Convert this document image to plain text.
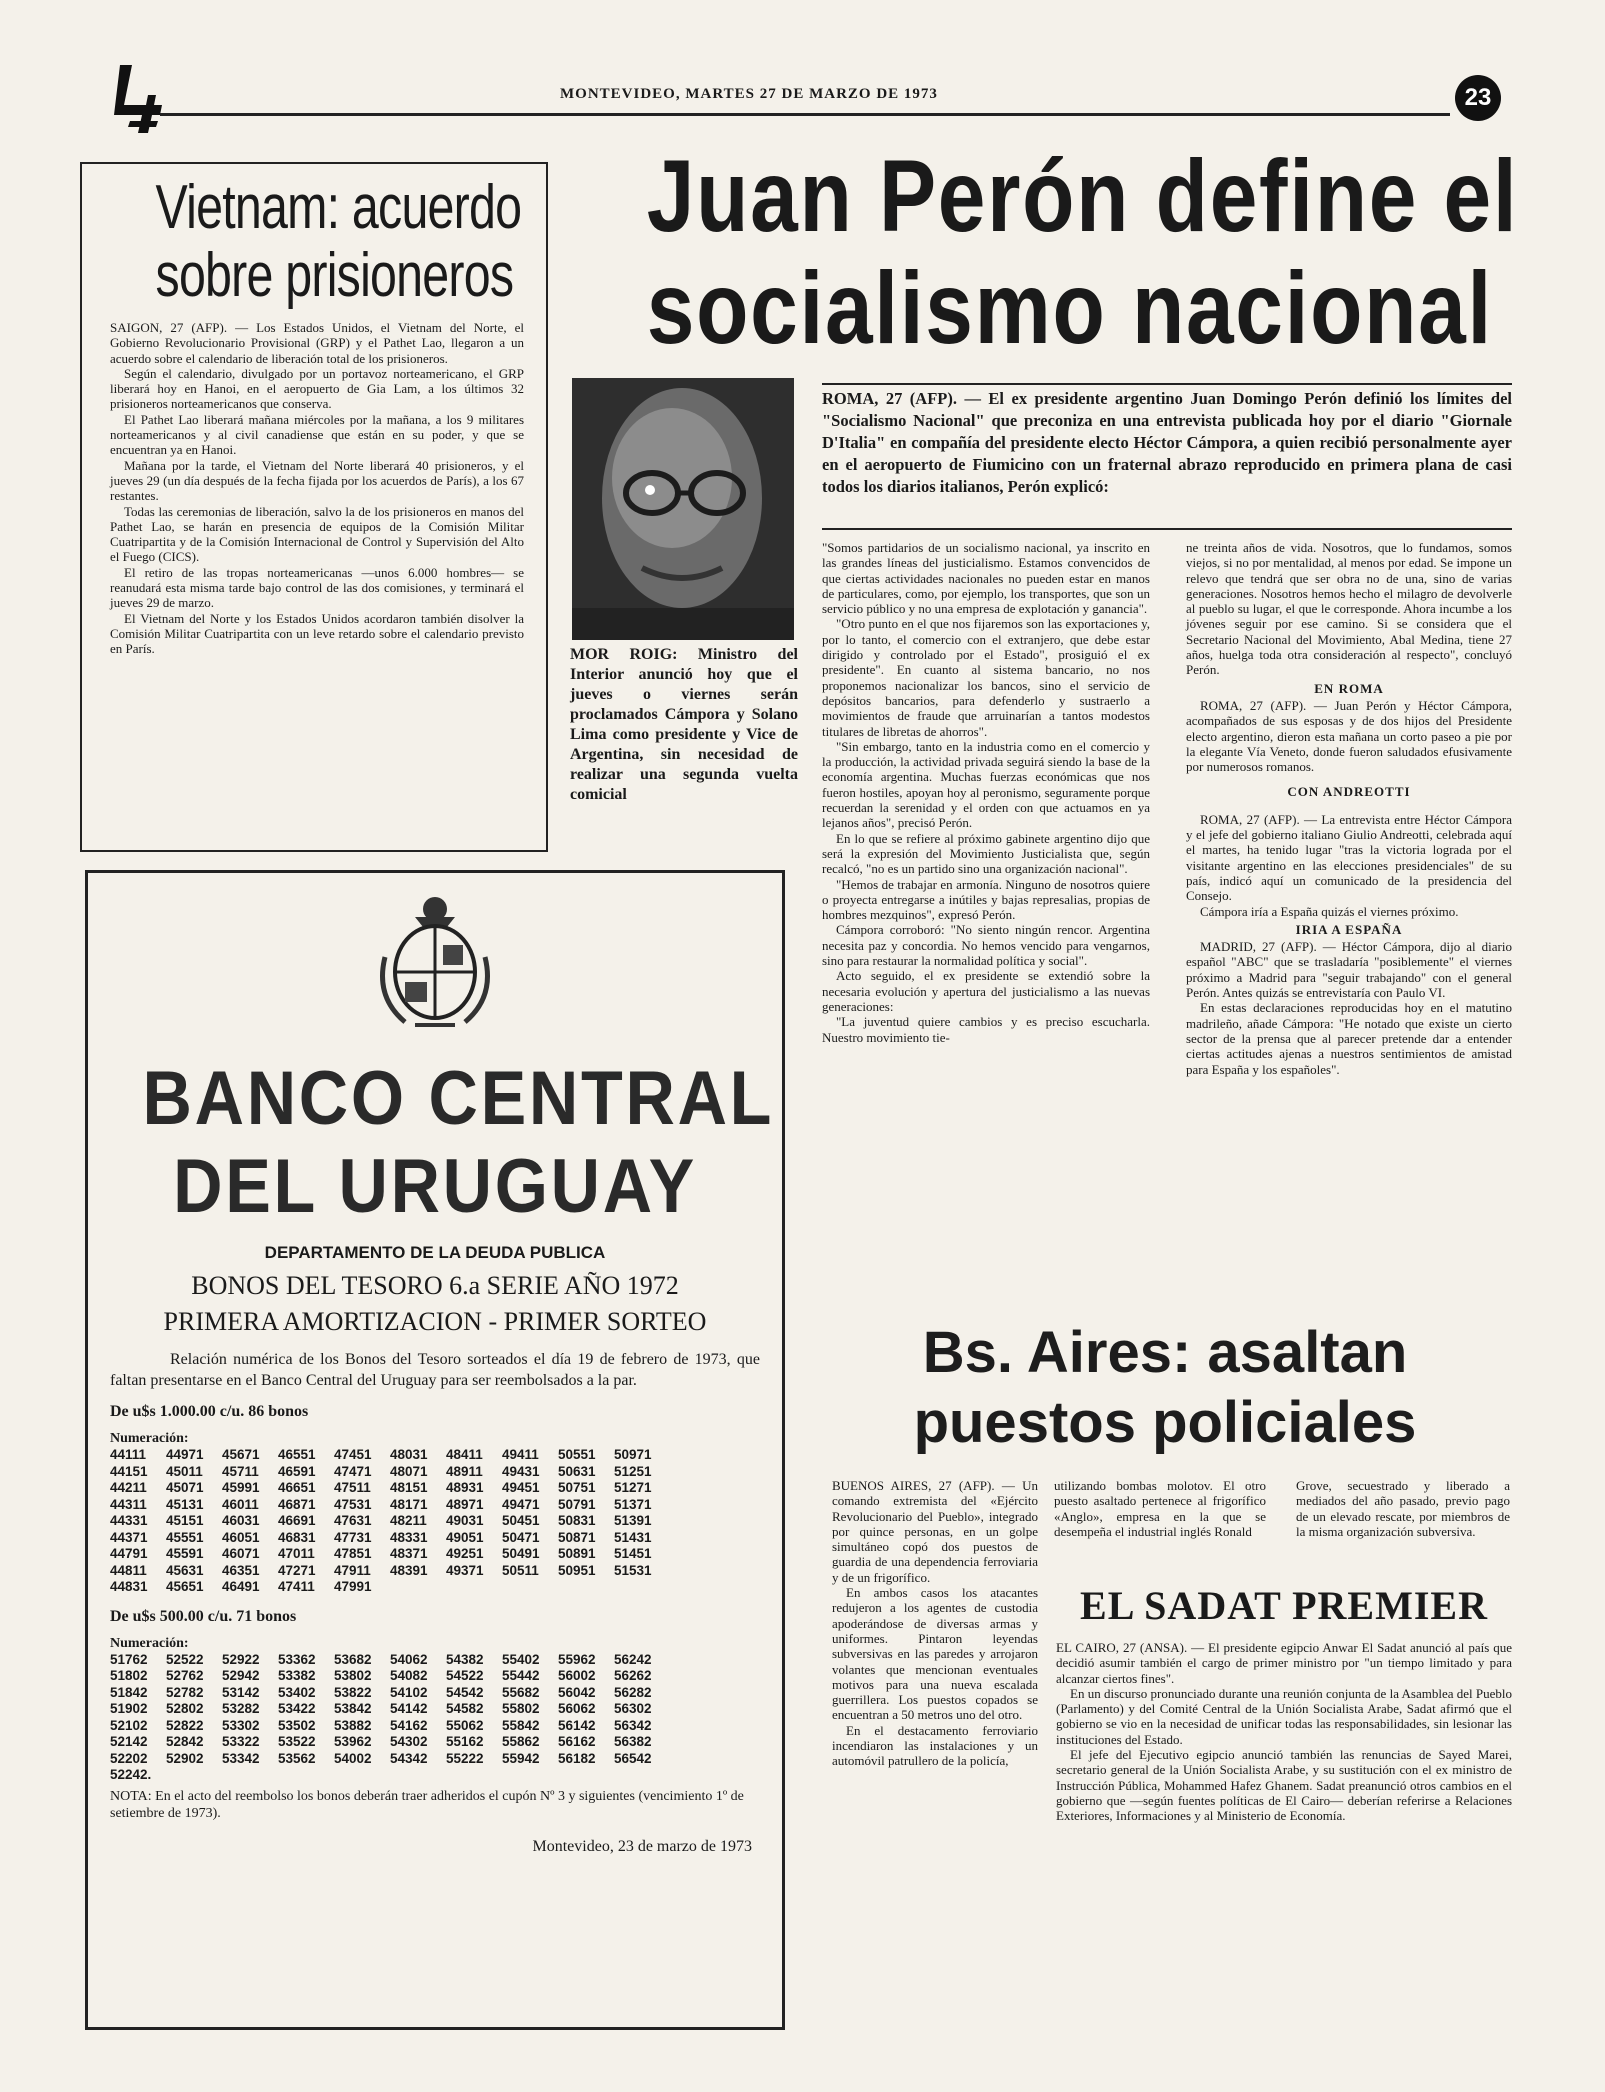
MONTEVIDEO, MARTES 27 DE MARZO DE 1973	23
Vietnam: acuerdo
sobre prisioneros

SAIGON, 27 (AFP). — Los Estados Unidos, el Vietnam del Norte, el Gobierno Revolucionario Provisional (GRP) y el Pathet Lao, llegaron a un acuerdo sobre el calendario de liberación total de los prisioneros.

Según el calendario, divulgado por un portavoz norteamericano, el GRP liberará hoy en Hanoi, en el aeropuerto de Gia Lam, a los últimos 32 prisioneros norteamericanos que conserva.

El Pathet Lao liberará mañana miércoles por la mañana, a los 9 militares norteamericanos y al civil canadiense que están en su poder, y que se encuentran ya en Hanoi.

Mañana por la tarde, el Vietnam del Norte liberará 40 prisioneros, y el jueves 29 (un día después de la fecha fijada por los acuerdos de París), a los 67 restantes.

Todas las ceremonias de liberación, salvo la de los prisioneros en manos del Pathet Lao, se harán en presencia de equipos de la Comisión Militar Cuatripartita y de la Comisión Internacional de Control y Supervisión del Alto el Fuego (CICS).

El retiro de las tropas norteamericanas —unos 6.000 hombres— se reanudará esta misma tarde bajo control de las dos comisiones, y terminará el jueves 29 de marzo.

El Vietnam del Norte y los Estados Unidos acordaron también disolver la Comisión Militar Cuatripartita con un leve retardo sobre el calendario previsto en París.

Juan Perón define el
socialismo nacional
MOR ROIG: Ministro del Interior anunció hoy que el jueves o viernes serán proclamados Cámpora y Solano Lima como presidente y Vice de Argentina, sin necesidad de realizar una segunda vuelta comicial
ROMA, 27 (AFP). — El ex presidente argentino Juan Domingo Perón definió los límites del "Socialismo Nacional" que preconiza en una entrevista publicada hoy por el diario "Giornale D'Italia" en compañía del presidente electo Héctor Cámpora, a quien recibió personalmente ayer en el aeropuerto de Fiumicino con un fraternal abrazo reproducido en primera plana de casi todos los diarios italianos, Perón explicó:

"Somos partidarios de un socialismo nacional, ya inscrito en las grandes líneas del justicialismo. Estamos convencidos de que ciertas actividades nacionales no pueden estar en manos de particulares, como, por ejemplo, los transportes, que son un servicio público y no una empresa de explotación y ganancia".

"Otro punto en el que nos fijaremos son las exportaciones y, por lo tanto, el comercio con el extranjero, que debe estar dirigido y controlado por el Estado", prosiguió el ex presidente". En cuanto al sistema bancario, no nos proponemos nacionalizar los bancos, sino el servicio de depósitos bancarios, para defenderlo y sustraerlo a movimientos de fraude que arruinarían a tantos modestos titulares de libretas de ahorros".

"Sin embargo, tanto en la industria como en el comercio y la producción, la actividad privada seguirá siendo la base de la economía argentina. Muchas fuerzas económicas que nos fueron hostiles, apoyan hoy al peronismo, seguramente porque recuerdan la serenidad y el orden con que actuamos en ya lejanos años", precisó Perón.

En lo que se refiere al próximo gabinete argentino dijo que será la expresión del Movimiento Justicialista que, según recalcó, "no es un partido sino una organización nacional".

"Hemos de trabajar en armonía. Ninguno de nosotros quiere o proyecta entregarse a inútiles y bajas represalias, propias de hombres mezquinos", expresó Perón.

Cámpora corroboró: "No siento ningún rencor. Argentina necesita paz y concordia. No hemos vencido para vengarnos, sino para restaurar la normalidad política y social".

Acto seguido, el ex presidente se extendió sobre la necesaria evolución y apertura del justicialismo a las nuevas generaciones:

"La juventud quiere cambios y es preciso escucharla. Nuestro movimiento tie-

ne treinta años de vida. Nosotros, que lo fundamos, somos viejos, si no por mentalidad, al menos por edad. Se impone un relevo que tendrá que ser obra no de una, sino de varias generaciones. Nosotros hemos hecho el milagro de devolverle al pueblo su lugar, el que le corresponde. Ahora incumbe a los jóvenes seguir por ese camino. Si se considera que el Secretario Nacional del Movimiento, Abal Medina, tiene 27 años, huelga toda otra consideración al respecto", concluyó Perón.

EN ROMA

ROMA, 27 (AFP). — Juan Perón y Héctor Cámpora, acompañados de sus esposas y de dos hijos del Presidente electo argentino, dieron esta mañana un corto paseo a pie por la elegante Vía Veneto, donde fueron saludados efusivamente por numerosos romanos.

CON ANDREOTTI

ROMA, 27 (AFP). — La entrevista entre Héctor Cámpora y el jefe del gobierno italiano Giulio Andreotti, celebrada aquí el martes, ha tenido lugar "tras la victoria lograda por el visitante argentino en las elecciones presidenciales" de su país, indicó aquí un comunicado de la presidencia del Consejo.

Cámpora iría a España quizás el viernes próximo.

IRIA A ESPAÑA

MADRID, 27 (AFP). — Héctor Cámpora, dijo al diario español "ABC" que se trasladaría "posiblemente" el viernes próximo a Madrid para "seguir trabajando" con el general Perón. Antes quizás se entrevistaría con Paulo VI.

En estas declaraciones reproducidas hoy en el matutino madrileño, añade Cámpora: "He notado que existe un cierto sector de la prensa que al parecer pretende dar a entender ciertas actitudes ajenas a nuestros sentimientos de amistad para España y los españoles".

BANCO CENTRAL
DEL URUGUAY
DEPARTAMENTO DE LA DEUDA PUBLICA
BONOS DEL TESORO 6.a SERIE AÑO 1972
PRIMERA AMORTIZACION - PRIMER SORTEO
Relación numérica de los Bonos del Tesoro sorteados el día 19 de febrero de 1973, que faltan presentarse en el Banco Central del Uruguay para ser reembolsados a la par.
De u$s 1.000.00 c/u. 86 bonos
Numeración:
44111	44971	45671	46551	47451	48031	48411	49411	50551	50971
44151	45011	45711	46591	47471	48071	48911	49431	50631	51251
44211	45071	45991	46651	47511	48151	48931	49451	50751	51271
44311	45131	46011	46871	47531	48171	48971	49471	50791	51371
44331	45151	46031	46691	47631	48211	49031	50451	50831	51391
44371	45551	46051	46831	47731	48331	49051	50471	50871	51431
44791	45591	46071	47011	47851	48371	49251	50491	50891	51451
44811	45631	46351	47271	47911	48391	49371	50511	50951	51531
44831	45651	46491	47411	47991
De u$s 500.00 c/u. 71 bonos
Numeración:
51762	52522	52922	53362	53682	54062	54382	55402	55962	56242
51802	52762	52942	53382	53802	54082	54522	55442	56002	56262
51842	52782	53142	53402	53822	54102	54542	55682	56042	56282
51902	52802	53282	53422	53842	54142	54582	55802	56062	56302
52102	52822	53302	53502	53882	54162	55062	55842	56142	56342
52142	52842	53322	53522	53962	54302	55162	55862	56162	56382
52202	52902	53342	53562	54002	54342	55222	55942	56182	56542
52242.
NOTA: En el acto del reembolso los bonos deberán traer adheridos el cupón Nº 3 y siguientes (vencimiento 1º de setiembre de 1973).
Montevideo, 23 de marzo de 1973
Bs. Aires: asaltan
puestos policiales

BUENOS AIRES, 27 (AFP). — Un comando extremista del «Ejército Revolucionario del Pueblo», integrado por quince personas, en un golpe simultáneo copó dos puestos de guardia de una dependencia ferroviaria y de un frigorífico.

En ambos casos los atacantes redujeron a los agentes de custodia apoderándose de diversas armas y uniformes. Pintaron leyendas subversivas en las paredes y arrojaron volantes que mencionan eventuales motivos para una nueva escalada guerrillera. Los puestos copados se encuentran a 50 metros uno del otro.

En el destacamento ferroviario incendiaron las instalaciones y un automóvil patrullero de la policía,

utilizando bombas molotov. El otro puesto asaltado pertenece al frigorífico «Anglo», empresa en la que se desempeña el industrial inglés Ronald

Grove, secuestrado y liberado a mediados del año pasado, previo pago de un elevado rescate, por miembros de la misma organización subversiva.

EL SADAT PREMIER

EL CAIRO, 27 (ANSA). — El presidente egipcio Anwar El Sadat anunció al país que decidió asumir también el cargo de primer ministro por "un tiempo limitado y para alcanzar ciertos fines".

En un discurso pronunciado durante una reunión conjunta de la Asamblea del Pueblo (Parlamento) y del Comité Central de la Unión Socialista Arabe, Sadat afirmó que el gobierno se vio en la necesidad de unificar todas las responsabilidades, sin lesionar las instituciones del Estado.

El jefe del Ejecutivo egipcio anunció también las renuncias de Sayed Marei, secretario general de la Unión Socialista Arabe, y su sustitución con el ex ministro de Instrucción Pública, Mohammed Hafez Ghanem. Sadat preanunció otros cambios en el gobierno que —según fuentes políticas de El Cairo— deberían referirse a Relaciones Exteriores, Informaciones y al Ministerio de Economía.
